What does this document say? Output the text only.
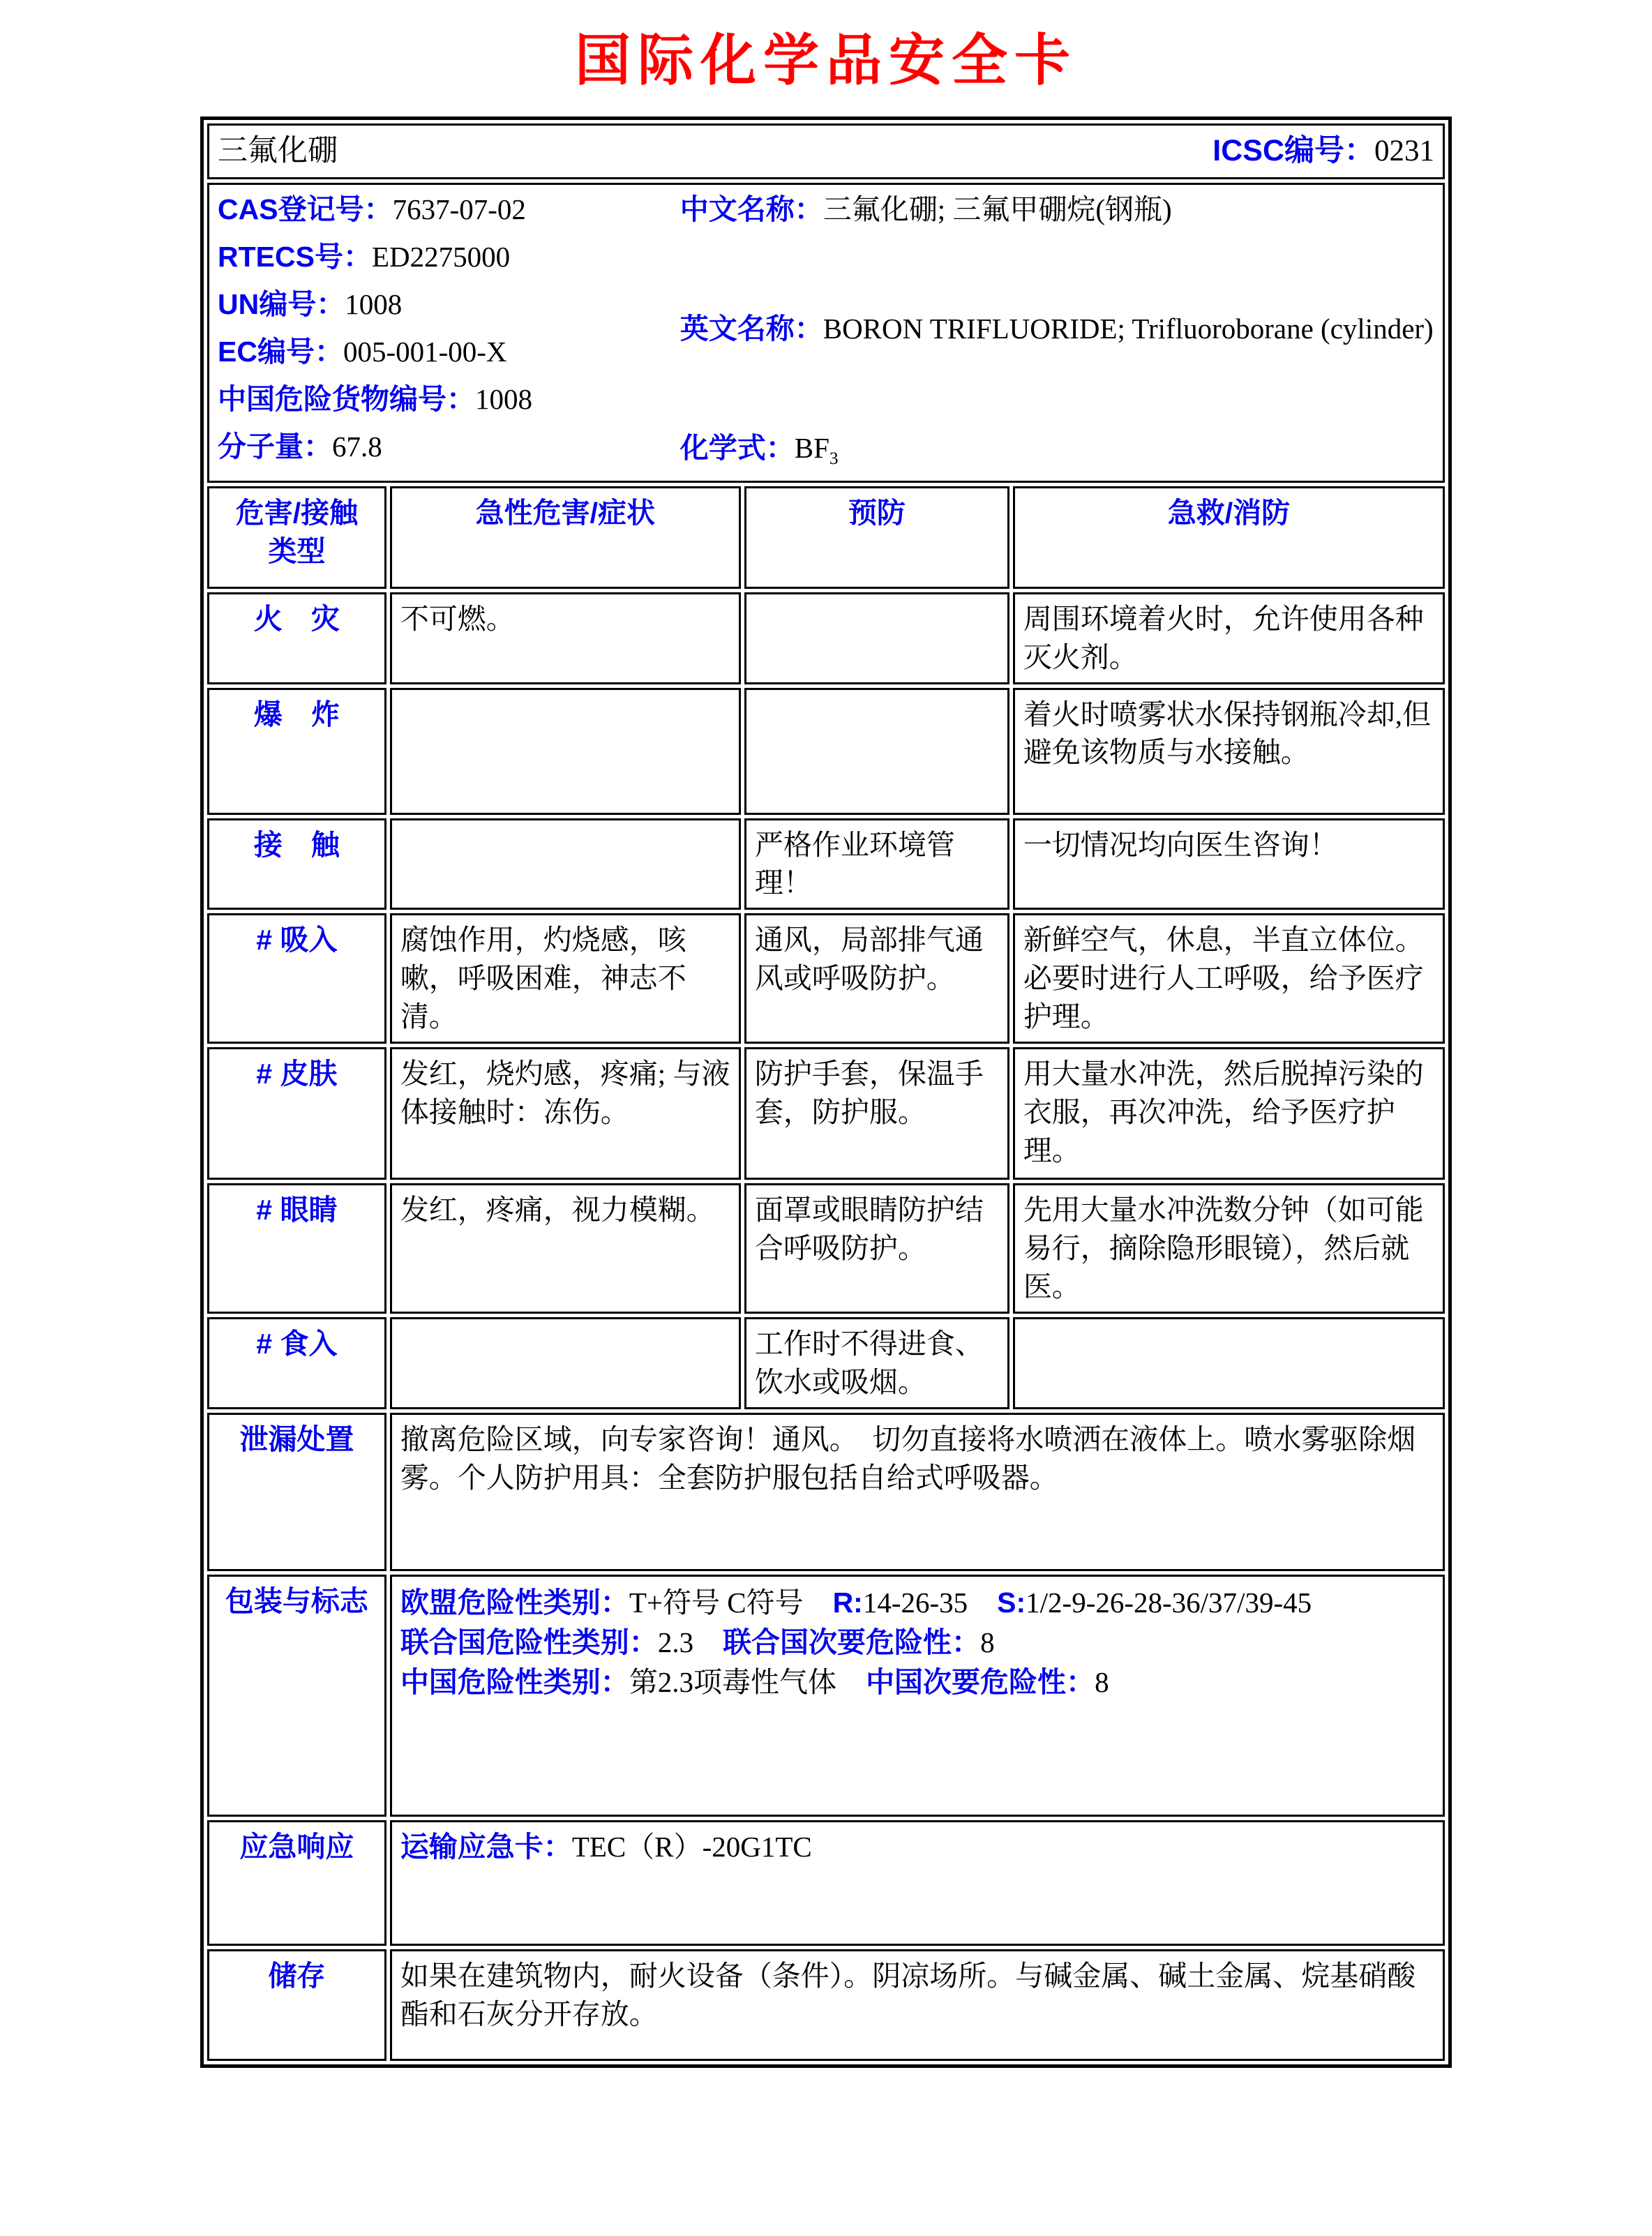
国际化学品安全卡
三氟化硼 ICSC编号：0231			

CAS登记号：7637-07-02
RTECS号：ED2275000
UN编号：1008
EC编号：005-001-00-X
中国危险货物编号：1008
分子量：67.8
中文名称：三氟化硼; 三氟甲硼烷(钢瓶)
英文名称：BORON TRIFLUORIDE; Trifluoroborane (cylinder)
化学式：$BF_3$

危害/接触
类型	急性危害/症状	预防	急救/消防
火　灾	不可燃。		周围环境着火时，允许使用各种灭火剂。
爆　炸			着火时喷雾状水保持钢瓶冷却,但避免该物质与水接触。
接　触		严格作业环境管理！	一切情况均向医生咨询！
# 吸入	腐蚀作用，灼烧感，咳嗽，呼吸困难，神志不清。	通风，局部排气通风或呼吸防护。	新鲜空气，休息，半直立体位。必要时进行人工呼吸，给予医疗护理。
# 皮肤	发红，烧灼感，疼痛; 与液体接触时：冻伤。	防护手套，保温手套，防护服。	用大量水冲洗，然后脱掉污染的衣服，再次冲洗，给予医疗护理。
# 眼睛	发红，疼痛，视力模糊。	面罩或眼睛防护结合呼吸防护。	先用大量水冲洗数分钟（如可能易行，摘除隐形眼镜），然后就医。
# 食入		工作时不得进食、饮水或吸烟。	
泄漏处置	撤离危险区域，向专家咨询！通风。　切勿直接将水喷洒在液体上。喷水雾驱除烟雾。个人防护用具：全套防护服包括自给式呼吸器。		
包装与标志	欧盟危险性类别：T+符号 C符号 R:14-26-35 S:1/2-9-26-28-36/37/39-45
联合国危险性类别：2.3 联合国次要危险性：8
中国危险性类别：第2.3项毒性气体 中国次要危险性：8		

应急响应	运输应急卡：TEC（R）-20G1TC		
储存	如果在建筑物内，耐火设备（条件）。阴凉场所。与碱金属、碱土金属、烷基硝酸酯和石灰分开存放。		
